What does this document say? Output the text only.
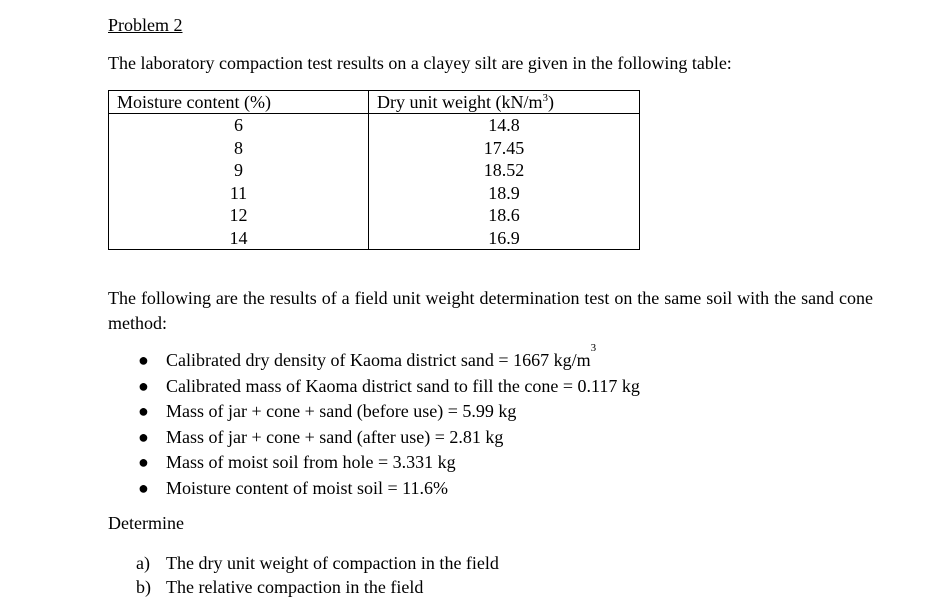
Problem 2
The laboratory compaction test results on a clayey silt are given in the following table:
Moisture content (%)	Dry unit weight $(kN/m^3)$
6	14.8
8	17.45
9	18.52
11	18.9
12	18.6
14	16.9
The following are the results of a field unit weight determination test on the same soil with the sand cone method:
● Calibrated dry density of Kaoma district sand = 1667 kg/m
3
● Calibrated mass of Kaoma district sand to fill the cone = 0.117 kg
● Mass of jar + cone + sand (before use) = 5.99 kg
● Mass of jar + cone + sand (after use) = 2.81 kg
● Mass of moist soil from hole = 3.331 kg
● Moisture content of moist soil = 11.6%
Determine
a) The dry unit weight of compaction in the field
b) The relative compaction in the field
